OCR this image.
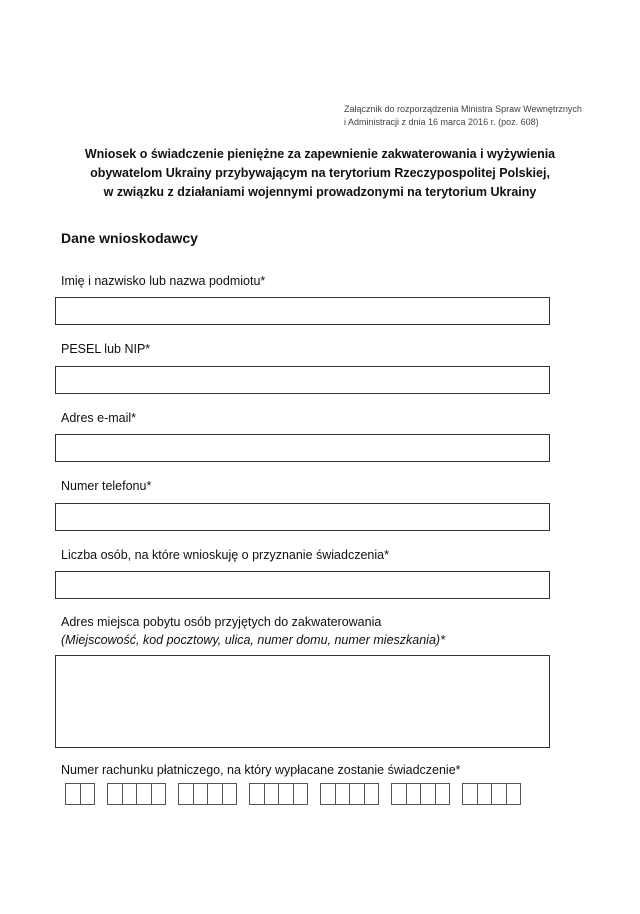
Załącznik do rozporządzenia Ministra Spraw Wewnętrznych
i Administracji z dnia 16 marca 2016 r. (poz. 608)
Wniosek o świadczenie pieniężne za zapewnienie zakwaterowania i wyżywienia
obywatelom Ukrainy przybywającym na terytorium Rzeczypospolitej Polskiej,
w związku z działaniami wojennymi prowadzonymi na terytorium Ukrainy
Dane wnioskodawcy
Imię i nazwisko lub nazwa podmiotu*
PESEL lub NIP*
Adres e-mail*
Numer telefonu*
Liczba osób, na które wnioskuję o przyznanie świadczenia*
Adres miejsca pobytu osób przyjętych do zakwaterowania
(Miejscowość, kod pocztowy, ulica, numer domu, numer mieszkania)*
Numer rachunku płatniczego, na który wypłacane zostanie świadczenie*
